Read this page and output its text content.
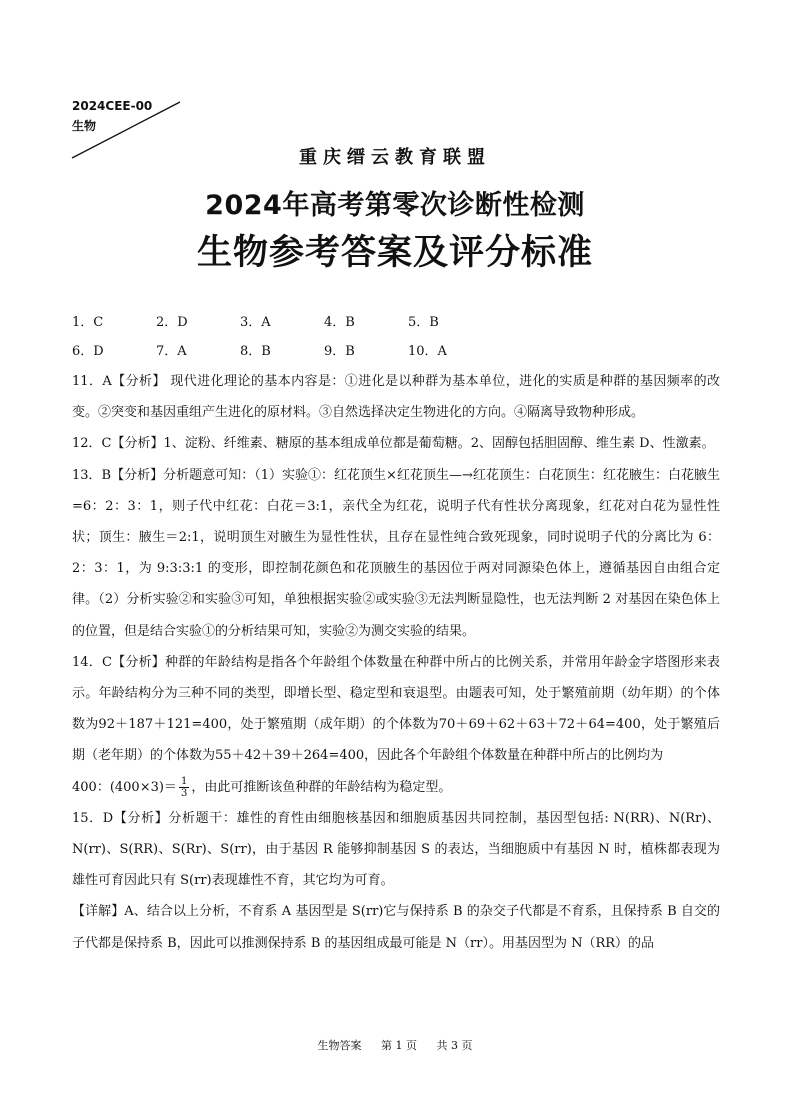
2024CEE-00
生物
重庆缙云教育联盟
2024年高考第零次诊断性检测
生物参考答案及评分标准
1．C	2．D	3．A	4．B	5．B
6．D	7．A	8．B	9．B	10．A

11．A【分析】 现代进化理论的基本内容是：①进化是以种群为基本单位，进化的实质是种群的基因频率的改变。②突变和基因重组产生进化的原材料。③自然选择决定生物进化的方向。④隔离导致物种形成。

12．C【分析】1、淀粉、纤维素、糖原的基本组成单位都是葡萄糖。2、固醇包括胆固醇、维生素 D、性激素。

13．B【分析】分析题意可知：（1）实验①：红花顶生×红花顶生—→红花顶生：白花顶生：红花腋生：白花腋生=6：2：3：1，则子代中红花：白花＝3:1，亲代全为红花，说明子代有性状分离现象，红花对白花为显性性状；顶生：腋生＝2:1，说明顶生对腋生为显性性状，且存在显性纯合致死现象，同时说明子代的分离比为 6：2：3：1，为 9:3:3:1 的变形，即控制花颜色和花顶腋生的基因位于两对同源染色体上，遵循基因自由组合定律。（2）分析实验②和实验③可知，单独根据实验②或实验③无法判断显隐性，也无法判断 2 对基因在染色体上的位置，但是结合实验①的分析结果可知，实验②为测交实验的结果。

14．C【分析】种群的年龄结构是指各个年龄组个体数量在种群中所占的比例关系，并常用年龄金字塔图形来表示。年龄结构分为三种不同的类型，即增长型、稳定型和衰退型。由题表可知，处于繁殖前期（幼年期）的个体数为92＋187＋121=400，处于繁殖期（成年期）的个体数为70＋69＋62＋63＋72＋64=400，处于繁殖后期（老年期）的个体数为55＋42＋39＋264=400，因此各个年龄组个体数量在种群中所占的比例均为
400：$(400\times 3)= \frac{1}{3}$ ，由此可推断该鱼种群的年龄结构为稳定型。

15．D【分析】分析题干：雄性的育性由细胞核基因和细胞质基因共同控制，基因型包括: N(RR)、N(Rr)、N(rr)、S(RR)、S(Rr)、S(rr)，由于基因 R 能够抑制基因 S 的表达，当细胞质中有基因 N 时，植株都表现为雄性可育因此只有 S(rr)表现雄性不育，其它均为可育。

【详解】A、结合以上分析，不育系 A 基因型是 S(rr)它与保持系 B 的杂交子代都是不育系，且保持系 B 自交的子代都是保持系 B，因此可以推测保持系 B 的基因组成最可能是 N（rr）。用基因型为 N（RR）的品

生物答案 第 1 页 共 3 页
